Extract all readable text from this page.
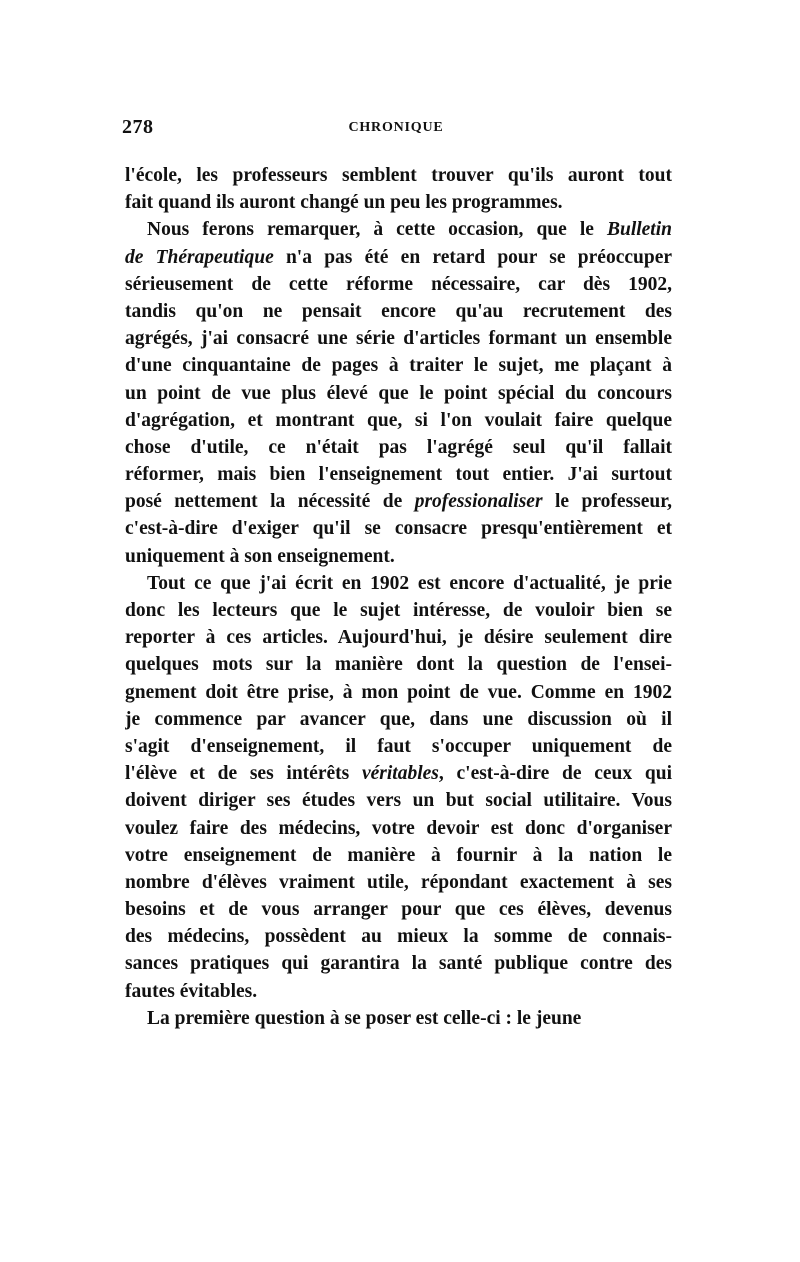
278	CHRONIQUE
l'école, les professeurs semblent trouver qu'ils auront tout
fait quand ils auront changé un peu les programmes.
Nous ferons remarquer, à cette occasion, que le Bulletin
de Thérapeutique n'a pas été en retard pour se préoccuper
sérieusement de cette réforme nécessaire, car dès 1902,
tandis qu'on ne pensait encore qu'au recrutement des
agrégés, j'ai consacré une série d'articles formant un ensemble
d'une cinquantaine de pages à traiter le sujet, me plaçant à
un point de vue plus élevé que le point spécial du concours
d'agrégation, et montrant que, si l'on voulait faire quelque
chose d'utile, ce n'était pas l'agrégé seul qu'il fallait
réformer, mais bien l'enseignement tout entier. J'ai surtout
posé nettement la nécessité de professionaliser le professeur,
c'est-à-dire d'exiger qu'il se consacre presqu'entièrement et
uniquement à son enseignement.
Tout ce que j'ai écrit en 1902 est encore d'actualité, je prie
donc les lecteurs que le sujet intéresse, de vouloir bien se
reporter à ces articles. Aujourd'hui, je désire seulement dire
quelques mots sur la manière dont la question de l'ensei-
gnement doit être prise, à mon point de vue. Comme en 1902
je commence par avancer que, dans une discussion où il
s'agit d'enseignement, il faut s'occuper uniquement de
l'élève et de ses intérêts véritables, c'est-à-dire de ceux qui
doivent diriger ses études vers un but social utilitaire. Vous
voulez faire des médecins, votre devoir est donc d'organiser
votre enseignement de manière à fournir à la nation le
nombre d'élèves vraiment utile, répondant exactement à ses
besoins et de vous arranger pour que ces élèves, devenus
des médecins, possèdent au mieux la somme de connais-
sances pratiques qui garantira la santé publique contre des
fautes évitables.
La première question à se poser est celle-ci : le jeune
